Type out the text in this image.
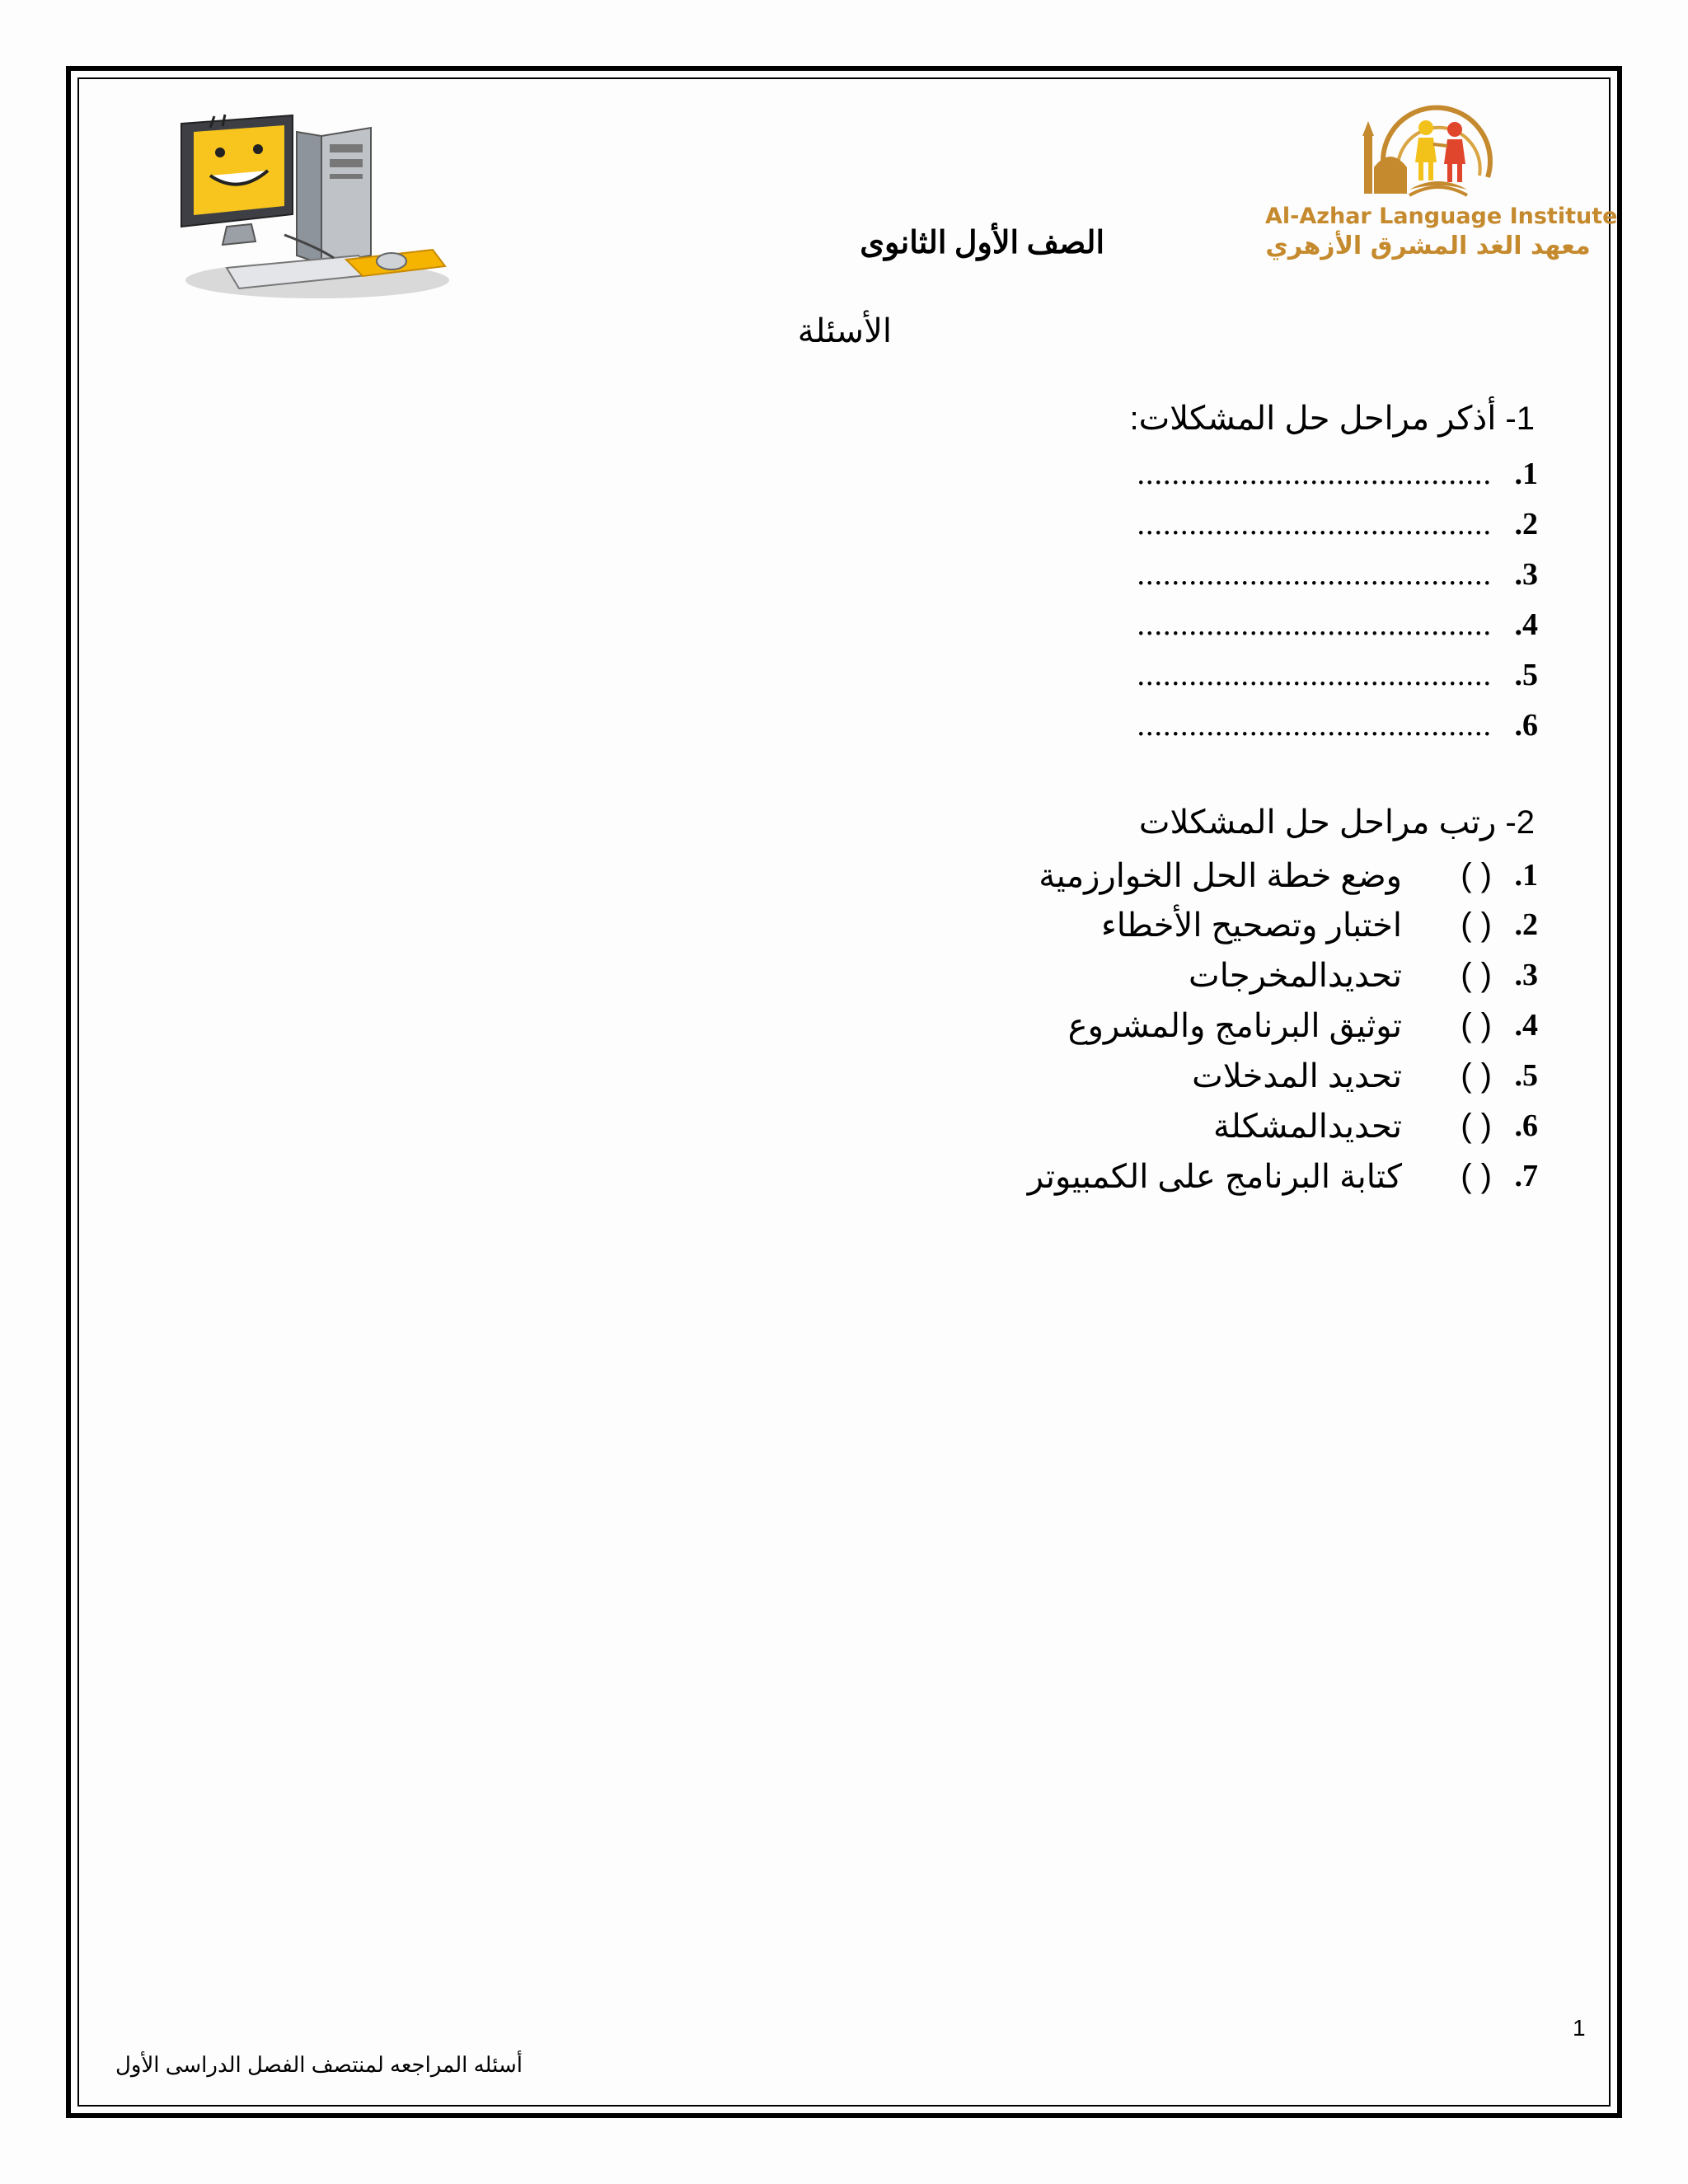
Al-Azhar Language Institute
معهد الغد المشرق الأزهري
الصف الأول الثانوى
الأسئلة
1- أذكر مراحل حل المشكلات:
1.
.........................................
2.
.........................................
3.
.........................................
4.
.........................................
5.
.........................................
6.
.........................................
2- رتب مراحل حل المشكلات
1.
( )
وضع خطة الحل الخوارزمية
2.
( )
اختبار وتصحيح الأخطاء
3.
( )
تحديدالمخرجات
4.
( )
توثيق البرنامج والمشروع
5.
( )
تحديد المدخلات
6.
( )
تحديدالمشكلة
7.
( )
كتابة البرنامج على الكمبيوتر
1
أسئله المراجعه لمنتصف الفصل الدراسى الأول
